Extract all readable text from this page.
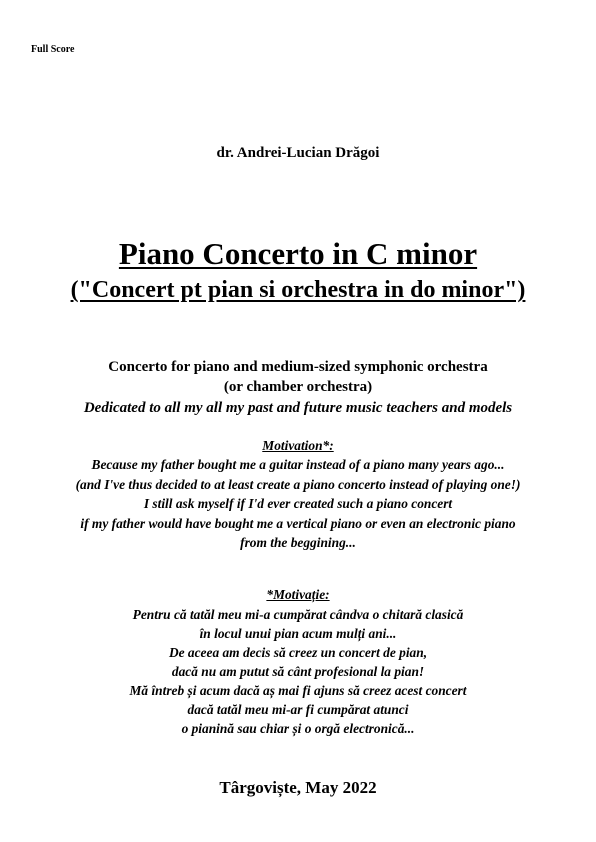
Full Score
dr. Andrei-Lucian Drăgoi
Piano Concerto in C minor
("Concert pt pian si orchestra in do minor")
Concerto for piano and medium-sized symphonic orchestra
(or chamber orchestra)
Dedicated to all my all my past and future music teachers and models
Motivation*:
Because my father bought me a guitar instead of a piano many years ago...
(and I've thus decided to at least create a piano concerto instead of playing one!)
I still ask myself if I'd ever created such a piano concert
if my father would have bought me a vertical piano or even an electronic piano
from the beggining...
*Motivație:
Pentru că tatăl meu mi-a cumpărat cândva o chitară clasică
în locul unui pian acum mulți ani...
De aceea am decis să creez un concert de pian,
dacă nu am putut să cânt profesional la pian!
Mă întreb și acum dacă aș mai fi ajuns să creez acest concert
dacă tatăl meu mi-ar fi cumpărat atunci
o pianină sau chiar și o orgă electronică...
Târgoviște, May 2022
